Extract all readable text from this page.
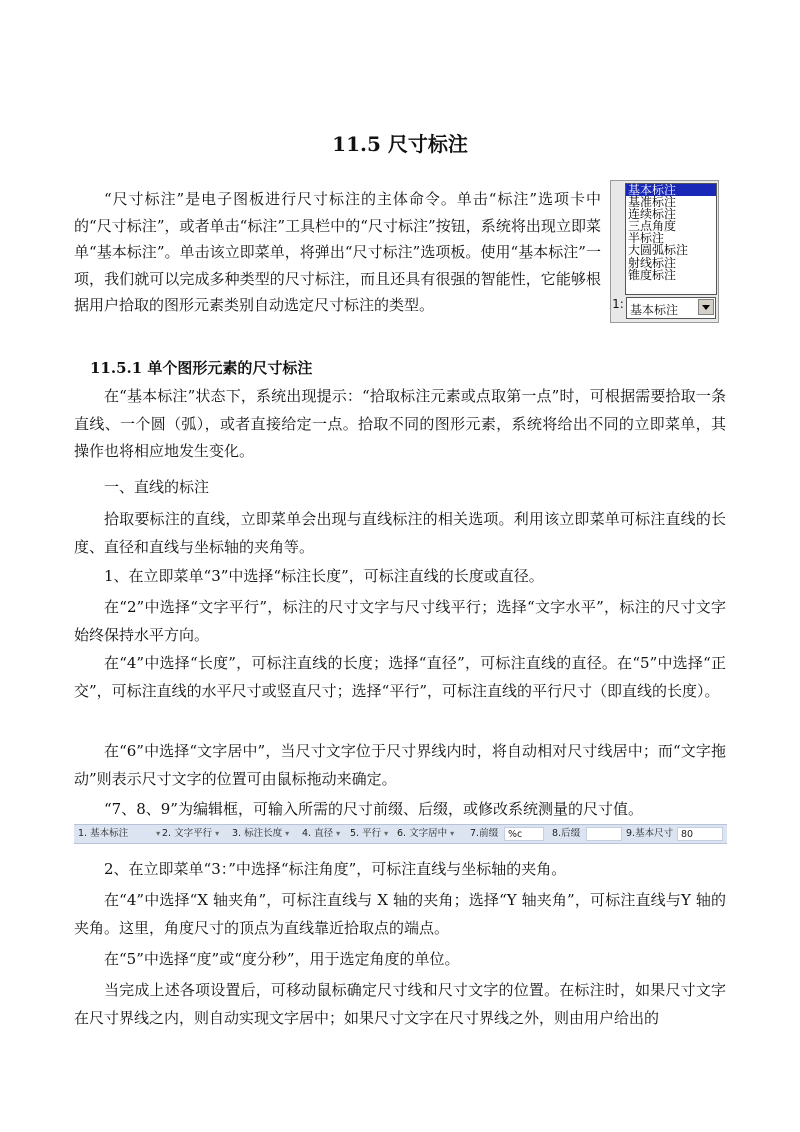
11.5 尺寸标注

“尺寸标注”是电子图板进行尺寸标注的主体命令。单击“标注”选项卡中的“尺寸标注”，或者单击“标注”工具栏中的“尺寸标注”按钮，系统将出现立即菜单“基本标注”。单击该立即菜单，将弹出“尺寸标注”选项板。使用“基本标注”一项，我们就可以完成多种类型的尺寸标注，而且还具有很强的智能性，它能够根据用户拾取的图形元素类别自动选定尺寸标注的类型。

基本标注
基准标注
连续标注
三点角度
半标注
大圆弧标注
射线标注
锥度标注
1: 基本标注

11.5.1 单个图形元素的尺寸标注

在“基本标注”状态下，系统出现提示：“拾取标注元素或点取第一点”时，可根据需要拾取一条直线、一个圆（弧），或者直接给定一点。拾取不同的图形元素，系统将给出不同的立即菜单，其操作也将相应地发生变化。

一、直线的标注

拾取要标注的直线，立即菜单会出现与直线标注的相关选项。利用该立即菜单可标注直线的长度、直径和直线与坐标轴的夹角等。

1、在立即菜单“3”中选择“标注长度”，可标注直线的长度或直径。

在“2”中选择“文字平行”，标注的尺寸文字与尺寸线平行；选择“文字水平”，标注的尺寸文字始终保持水平方向。

在“4”中选择“长度”，可标注直线的长度；选择“直径”，可标注直线的直径。在“5”中选择“正交”，可标注直线的水平尺寸或竖直尺寸；选择“平行”，可标注直线的平行尺寸（即直线的长度）。

在“6”中选择“文字居中”，当尺寸文字位于尺寸界线内时，将自动相对尺寸线居中；而“文字拖动”则表示尺寸文字的位置可由鼠标拖动来确定。

“7、8、9”为编辑框，可输入所需的尺寸前缀、后缀，或修改系统测量的尺寸值。

1. 基本标注	▾ 2. 文字平行 ▾ 3. 标注长度 ▾ 4. 直径 ▾ 5. 平行 ▾ 6. 文字居中 ▾ 7.前缀	%c	8.后缀	9.基本尺寸 80

2、在立即菜单“3：”中选择“标注角度”，可标注直线与坐标轴的夹角。

在“4”中选择“X 轴夹角”，可标注直线与 X 轴的夹角；选择“Y 轴夹角”，可标注直线与Y 轴的夹角。这里，角度尺寸的顶点为直线靠近拾取点的端点。

在“5”中选择“度”或“度分秒”，用于选定角度的单位。

当完成上述各项设置后，可移动鼠标确定尺寸线和尺寸文字的位置。在标注时，如果尺寸文字在尺寸界线之内，则自动实现文字居中；如果尺寸文字在尺寸界线之外，则由用户给出的
